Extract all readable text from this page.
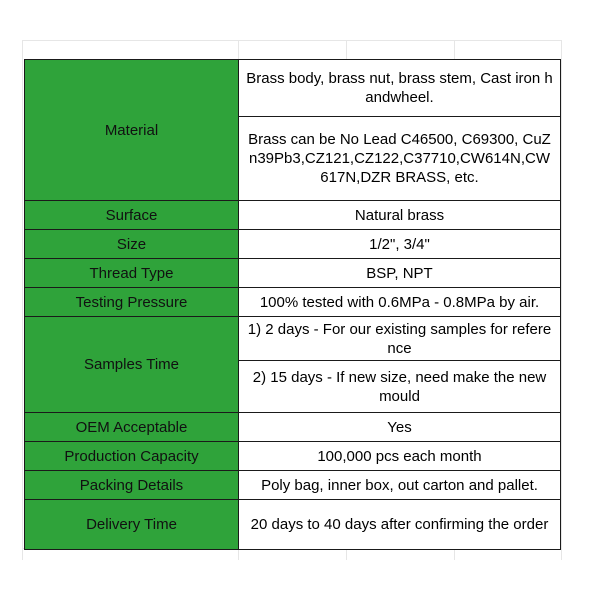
Material	Brass body, brass nut, brass stem, Cast iron handwheel.
	Brass can be No Lead C46500, C69300, CuZn39Pb3,CZ121,CZ122,C37710,CW614N,CW617N,DZR BRASS, etc.
Surface	Natural brass
Size	1/2", 3/4"
Thread Type	BSP, NPT
Testing Pressure	100% tested with 0.6MPa - 0.8MPa by air.
Samples Time	1) 2 days - For our existing samples for reference
	2) 15 days - If new size, need make the new mould
OEM Acceptable	Yes
Production Capacity	100,000 pcs each month
Packing Details	Poly bag, inner box, out carton and pallet.
Delivery Time	20 days to 40 days after confirming the order
